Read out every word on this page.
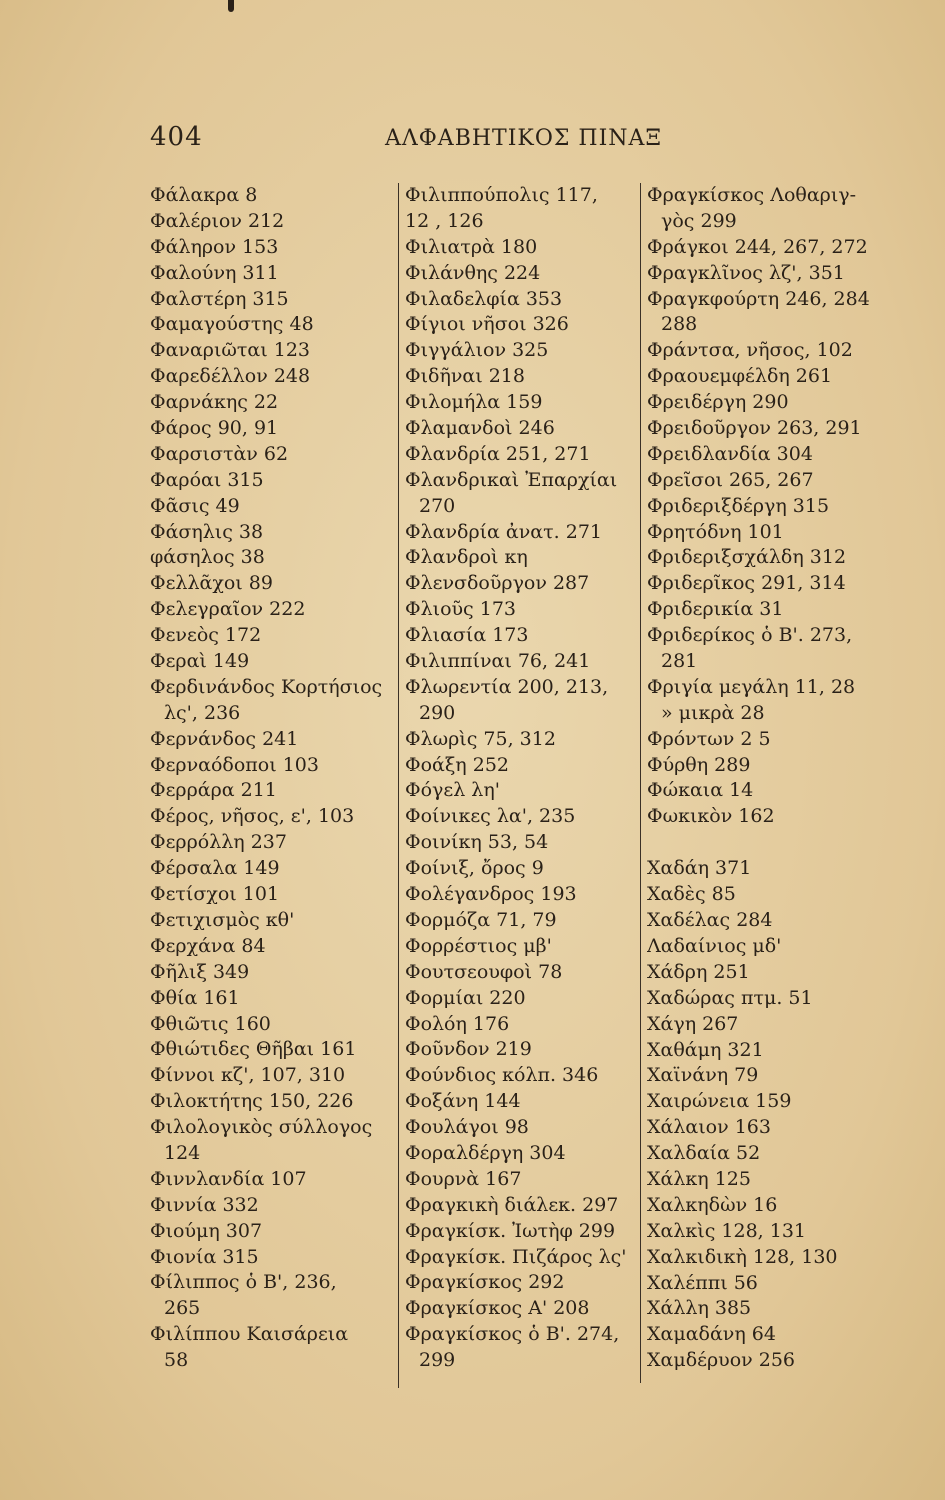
404	ΑΛΦΑΒΗΤΙΚΟΣ ΠΙΝΑΞ
Φάλακρα 8
Φαλέριον 212
Φάληρον 153
Φαλούνη 311
Φαλστέρη 315
Φαμαγούστης 48
Φαναριῶται 123
Φαρεδέλλον 248
Φαρνάκης 22
Φάρος 90, 91
Φαρσιστὰν 62
Φαρόαι 315
Φᾶσις 49
Φάσηλις 38
φάσηλος 38
Φελλᾶχοι 89
Φελεγραῖον 222
Φενεὸς 172
Φεραὶ 149
Φερδινάνδος Κορτήσιος
λς', 236
Φερνάνδος 241
Φερναόδοποι 103
Φερράρα 211
Φέρος, νῆσος, ε', 103
Φερρόλλη 237
Φέρσαλα 149
Φετίσχοι 101
Φετιχισμὸς κθ'
Φερχάνα 84
Φῆλιξ 349
Φθία 161
Φθιῶτις 160
Φθιώτιδες Θῆβαι 161
Φίννοι κζ', 107, 310
Φιλοκτήτης 150, 226
Φιλολογικὸς σύλλογος
124
Φιννλανδία 107
Φιννία 332
Φιούμη 307
Φιονία 315
Φίλιππος ὁ Β', 236,
265
Φιλίππου Καισάρεια
58
Φιλιππούπολις 117,
12 , 126
Φιλιατρὰ 180
Φιλάνθης 224
Φιλαδελφία 353
Φίγιοι νῆσοι 326
Φιγγάλιον 325
Φιδῆναι 218
Φιλομήλα 159
Φλαμανδοὶ 246
Φλανδρία 251, 271
Φλανδρικαὶ Ἐπαρχίαι
270
Φλανδρία ἀνατ. 271
Φλανδροὶ κη
Φλενσδοῦργον 287
Φλιοῦς 173
Φλιασία 173
Φιλιππίναι 76, 241
Φλωρεντία 200, 213,
290
Φλωρὶς 75, 312
Φοάξη 252
Φόγελ λη'
Φοίνικες λα', 235
Φοινίκη 53, 54
Φοίνιξ, ὄρος 9
Φολέγανδρος 193
Φορμόζα 71, 79
Φορρέστιος μβ'
Φουτσεουφοὶ 78
Φορμίαι 220
Φολόη 176
Φοῦνδον 219
Φούνδιος κόλπ. 346
Φοξάνη 144
Φουλάγοι 98
Φοραλδέργη 304
Φουρνὰ 167
Φραγκικὴ διάλεκ. 297
Φραγκίσκ. Ἰωτὴφ 299
Φραγκίσκ. Πιζάρος λς'
Φραγκίσκος 292
Φραγκίσκος Α' 208
Φραγκίσκος ὁ Β'. 274,
299
Φραγκίσκος Λοθαριγ-
γὸς 299
Φράγκοι 244, 267, 272
Φραγκλῖνος λζ', 351
Φραγκφούρτη 246, 284
288
Φράντσα, νῆσος, 102
Φραουεμφέλδη 261
Φρειδέργη 290
Φρειδοῦργον 263, 291
Φρειδλανδία 304
Φρεῖσοι 265, 267
Φριδεριξδέργη 315
Φρητόδνη 101
Φριδεριξσχάλδη 312
Φριδερῖκος 291, 314
Φριδερικία 31
Φριδερίκος ὁ Β'. 273,
281
Φριγία μεγάλη 11, 28
» μικρὰ 28
Φρόντων 2 5
Φύρθη 289
Φώκαια 14
Φωκικὸν 162
Χαδάη 371
Χαδὲς 85
Χαδέλας 284
Λαδαίνιος μδ'
Χάδρη 251
Χαδώρας πτμ. 51
Χάγη 267
Χαθάμη 321
Χαϊνάνη 79
Χαιρώνεια 159
Χάλαιον 163
Χαλδαία 52
Χάλκη 125
Χαλκηδὼν 16
Χαλκὶς 128, 131
Χαλκιδικὴ 128, 130
Χαλέππι 56
Χάλλη 385
Χαμαδάνη 64
Χαμδέρυον 256
